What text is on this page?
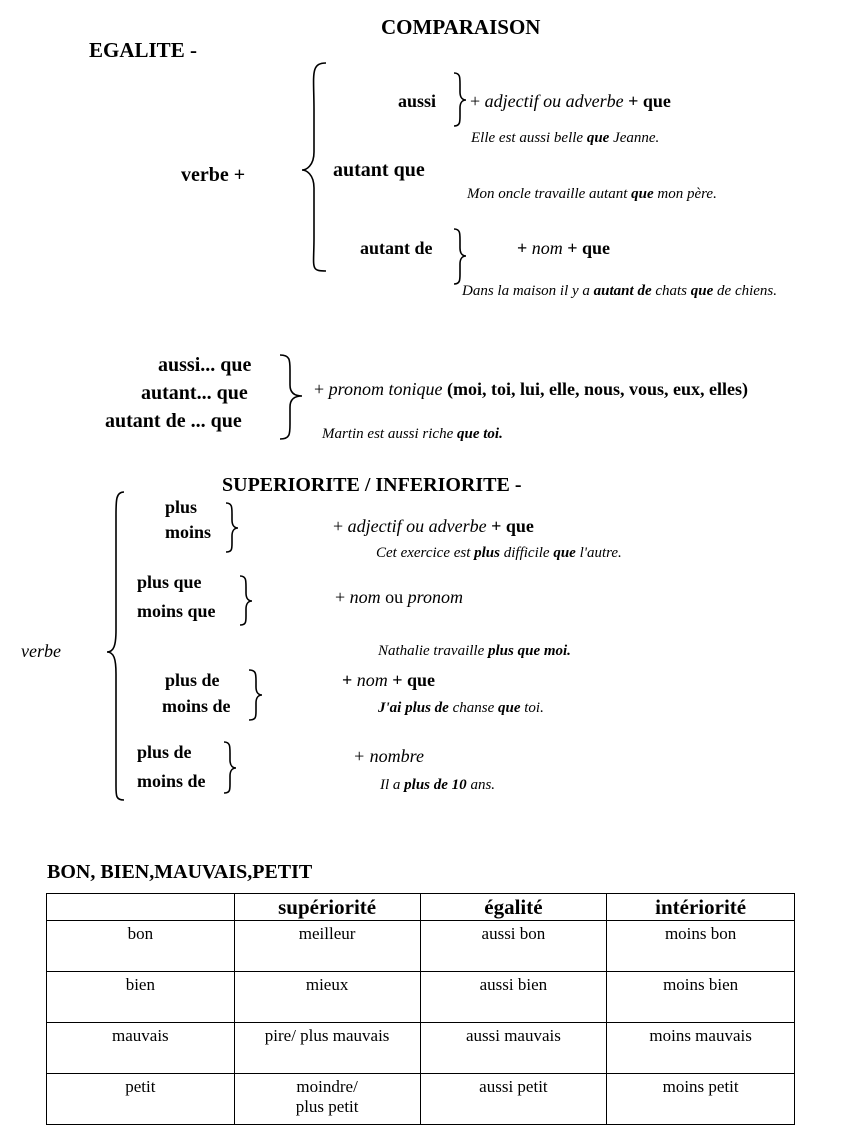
COMPARAISON
EGALITE -
verbe +
aussi + adjectif ou adverbe + que
Elle est aussi belle que Jeanne.
autant que
Mon oncle travaille autant que mon père.
autant de	+ nom + que
Dans la maison il y a autant de chats que de chiens.
aussi... que
autant... que
autant de ... que
+ pronom tonique (moi, toi, lui, elle, nous, vous, eux, elles)
Martin est aussi riche que toi.
SUPERIORITE / INFERIORITE -
verbe
plus
moins	+ adjectif ou adverbe + que
Cet exercice est plus difficile que l'autre.
plus que
moins que
+ nom ou pronom
Nathalie travaille plus que moi.
plus de
moins de
+ nom + que
J'ai plus de chanse que toi.
plus de
moins de
+ nombre
Il a plus de 10 ans.
BON, BIEN,MAUVAIS,PETIT
	supériorité	égalité	intériorité
bon	meilleur	aussi bon	moins bon
bien	mieux	aussi bien	moins bien
mauvais	pire/ plus mauvais	aussi mauvais	moins mauvais
petit	moindre/ plus petit	aussi petit	moins petit
